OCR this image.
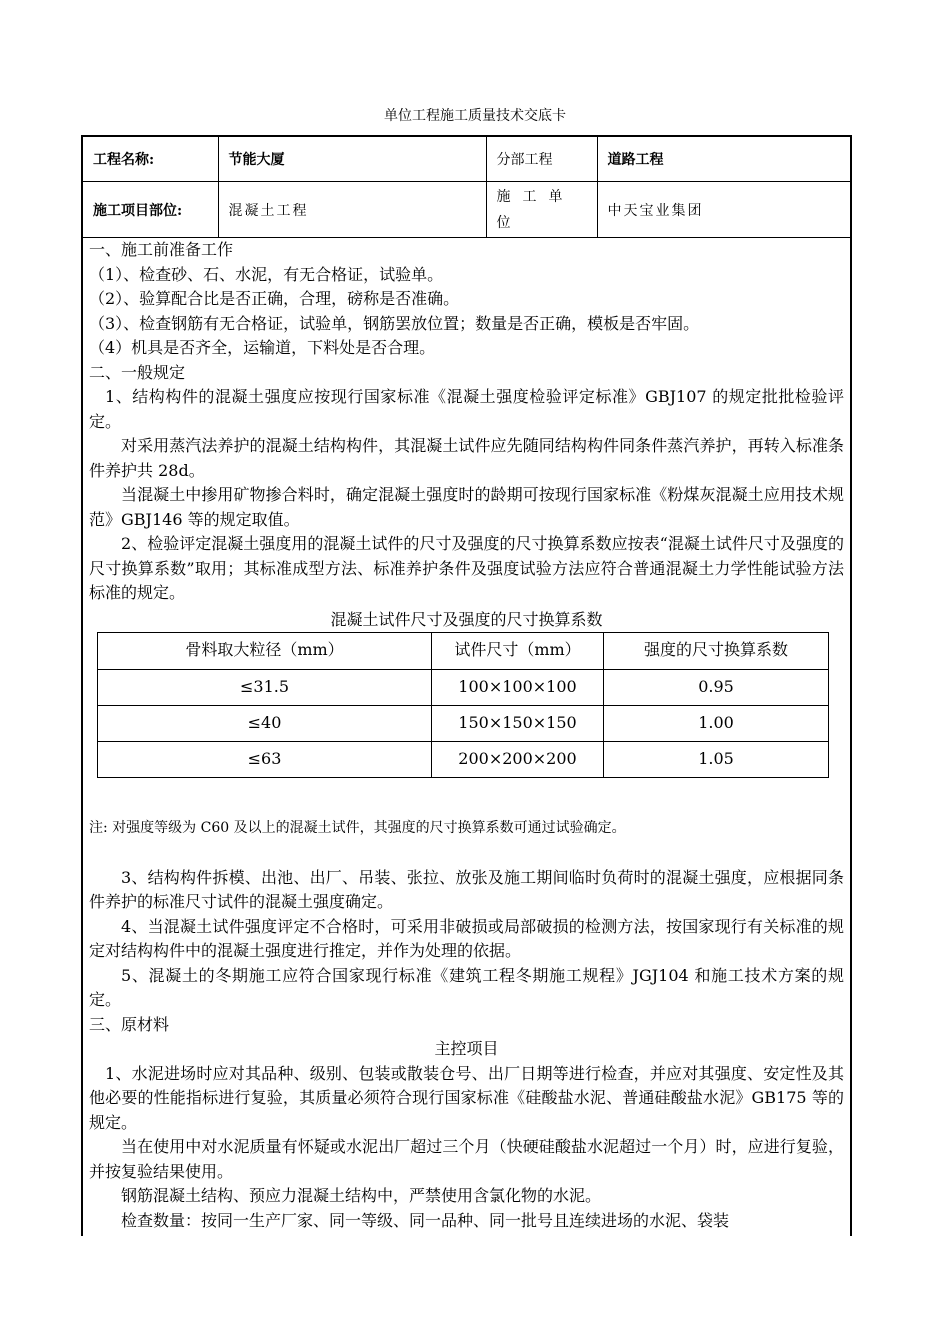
单位工程施工质量技术交底卡
工程名称:	节能大厦	分部工程	道路工程
施工项目部位:	混凝土工程	施工单位	中天宝业集团

一、施工前准备工作

（1）、检查砂、石、水泥，有无合格证，试验单。

（2）、验算配合比是否正确，合理，磅称是否准确。

（3）、检查钢筋有无合格证，试验单，钢筋罢放位置；数量是否正确，模板是否牢固。

（4）机具是否齐全，运输道，下料处是否合理。

二、一般规定

1、结构构件的混凝土强度应按现行国家标准《混凝土强度检验评定标准》GBJ107 的规定批批检验评定。

对采用蒸汽法养护的混凝土结构构件，其混凝土试件应先随同结构构件同条件蒸汽养护，再转入标准条件养护共 28d。

当混凝土中掺用矿物掺合料时，确定混凝土强度时的龄期可按现行国家标准《粉煤灰混凝土应用技术规范》GBJ146 等的规定取值。

2、检验评定混凝土强度用的混凝土试件的尺寸及强度的尺寸换算系数应按表“混凝土试件尺寸及强度的尺寸换算系数”取用；其标准成型方法、标准养护条件及强度试验方法应符合普通混凝土力学性能试验方法标准的规定。

混凝土试件尺寸及强度的尺寸换算系数
骨料取大粒径（mm）	试件尺寸（mm）	强度的尺寸换算系数
≤31.5	100×100×100	0.95
≤40	150×150×150	1.00
≤63	200×200×200	1.05
注: 对强度等级为 C60 及以上的混凝土试件，其强度的尺寸换算系数可通过试验确定。

3、结构构件拆模、出池、出厂、吊装、张拉、放张及施工期间临时负荷时的混凝土强度，应根据同条件养护的标准尺寸试件的混凝土强度确定。

4、当混凝土试件强度评定不合格时，可采用非破损或局部破损的检测方法，按国家现行有关标准的规定对结构构件中的混凝土强度进行推定，并作为处理的依据。

5、混凝土的冬期施工应符合国家现行标准《建筑工程冬期施工规程》JGJ104 和施工技术方案的规定。

三、原材料

主控项目

1、水泥进场时应对其品种、级别、包装或散装仓号、出厂日期等进行检查，并应对其强度、安定性及其他必要的性能指标进行复验，其质量必须符合现行国家标准《硅酸盐水泥、普通硅酸盐水泥》GB175 等的规定。

当在使用中对水泥质量有怀疑或水泥出厂超过三个月（快硬硅酸盐水泥超过一个月）时，应进行复验，并按复验结果使用。

钢筋混凝土结构、预应力混凝土结构中，严禁使用含氯化物的水泥。

检查数量：按同一生产厂家、同一等级、同一品种、同一批号且连续进场的水泥、袋装
